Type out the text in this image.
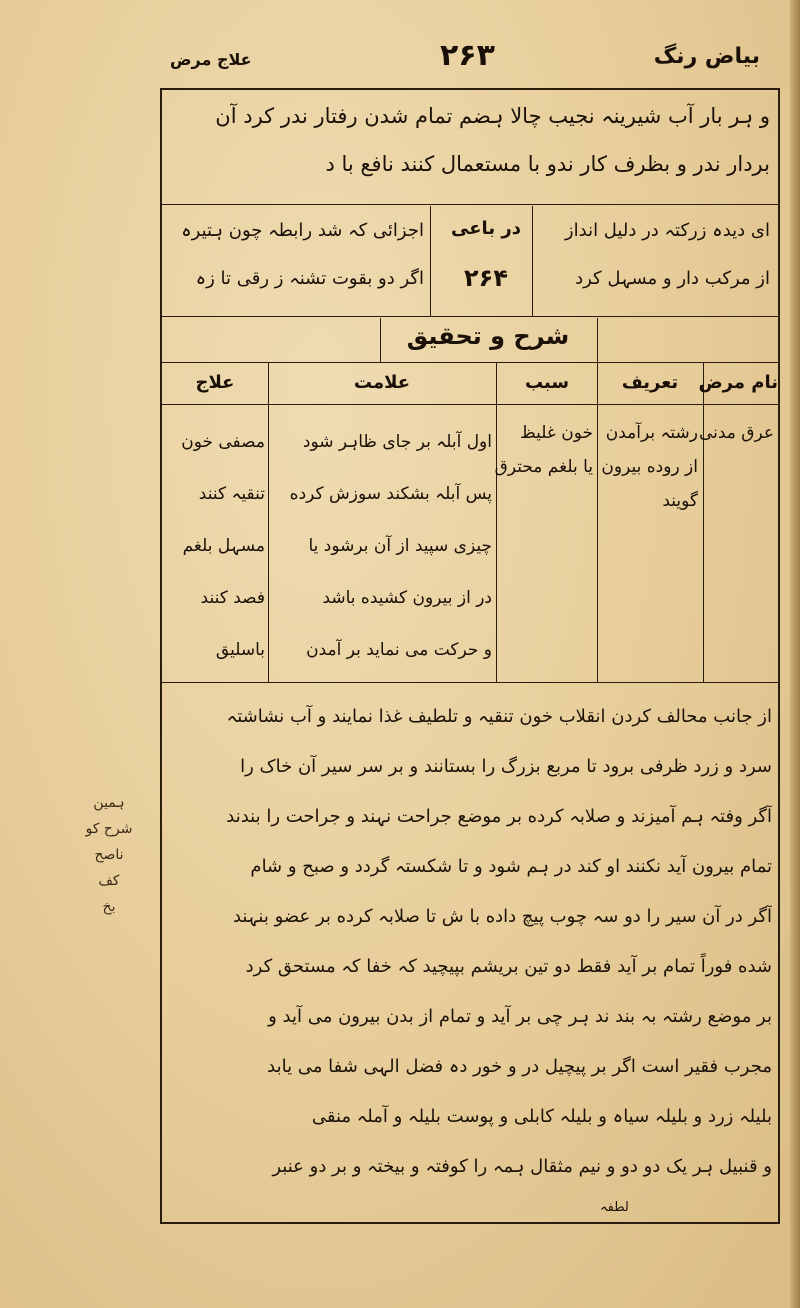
بیاض رنگ
۲۶۳
علاج مرض
ہمین
شرح کو
ناصح
کف
بخ
و ہر بار آب شیرینہ نجیب چالا ہضم تمام شدن رفتار ندر کرد آن
بردار ندر و بظرف کار ندو با مستعمال کنند نافع با د
ای دیدہ زرکتہ در دلیل انداز
از مرکب دار و مسہل کرد
در باعی
۲۶۴
اجزائی کہ شد رابطہ چون ہتیرہ
اگر دو بقوت تشنہ ز رقی تا زہ
شرح و تحقیق
نام مرض
تعریف
سبب
علامت
علاج
عرق مدنی
رشتہ برآمدن
از روده بیرون
گویند
خون غلیظ
یا بلغم محترق
اول آبلہ بر جای ظاہر شود
پس آبلہ بشکند سوزش کرده
چیزی سپید از آن برشود یا
در از بیرون کشیده باشد
و حرکت می نماید بر آمدن
مصفی خون
تنقیہ کنند
مسہل بلغم
فصد کنند
باسلیق
از جانب محالف کردن انقلاب خون تنقیہ و تلطیف غذا نمایند و آب نشاشتہ
سرد و زرد ظرفی برود تا مربع بزرگ را بستانند و بر سر سیر آن خاک را
آگر وفتہ ہم آمیزند و صلابہ کرده بر موضع جراحت نہند و جراحت را بندند
تمام بیرون آید نکنند او کند در ہم شود و تا شکستہ گردد و صبح و شام
آگر در آن سیر را دو سہ چوب پیچ داده با ش تا صلابہ کرده بر عضو بنہند
شده فوراً تمام بر آید فقط دو تین بریشم بپیچید کہ خفا کہ مستحق کرد
بر موضع رشتہ بہ بند ند ہر چی بر آید و تمام از بدن بیرون می آید و
مجرب فقیر است اگر بر پیچیل در و خور دہ فضل الہی شفا می یابد
بلیلہ زرد و بلیلہ سیاہ و بلیلہ کابلی و پوست بلیلہ و آملہ منقی
و قنبیل ہر یک دو دو و نیم مثقال ہمہ را کوفتہ و بیختہ و بر دو عنبر
لطفہ
